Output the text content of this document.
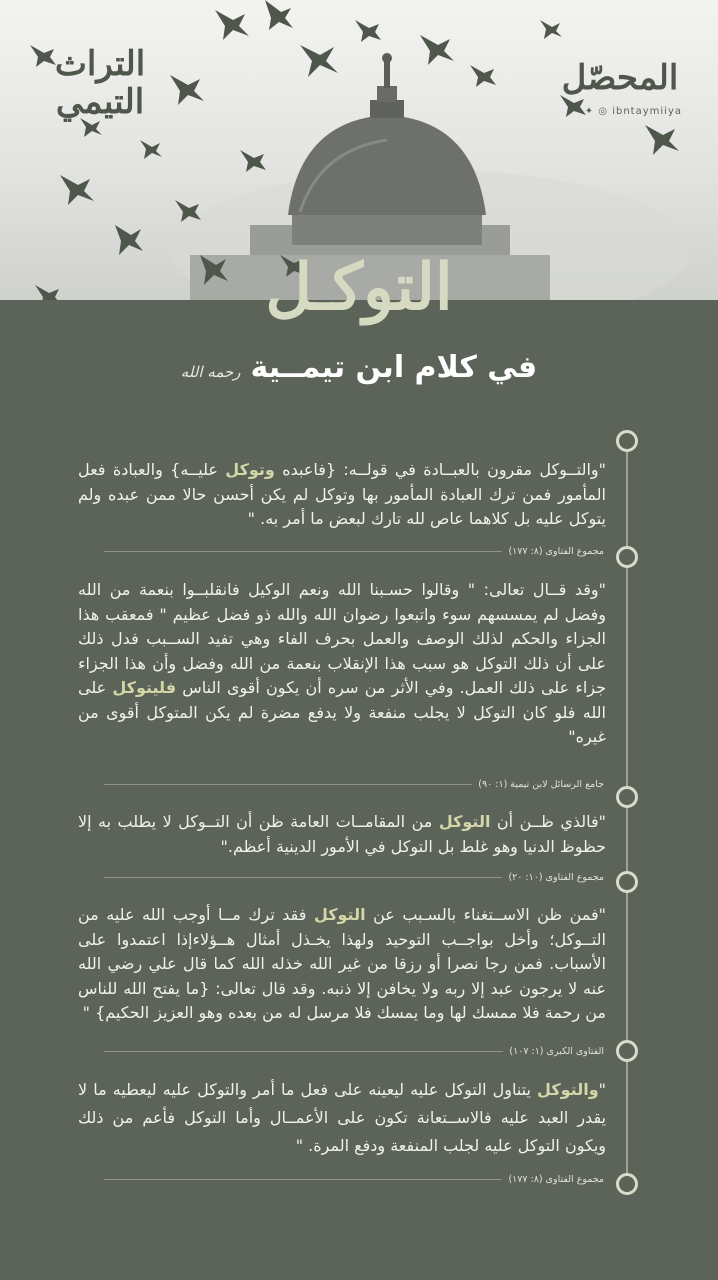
التراث
التيمي
المحصّل
✦ ◎ ibntaymiiya
التوكـل
في كلام ابن تيمــيةرحمه الله
"والتــوكل مقرون بالعبــادة في قولــه: {فاعبده وتوكل عليــه} والعبادة فعل المأمور فمن ترك العبادة المأمور بها وتوكل لم يكن أحسن حالا ممن عبده ولم يتوكل عليه بل كلاهما عاص لله تارك لبعض ما أمر به. "
مجموع الفتاوى (٨: ١٧٧)
"وقد قــال تعالى: " وقالوا حسـبنا الله ونعم الوكيل فانقلبــوا بنعمة من الله وفضل لم يمسسهم سوء واتبعوا رضوان الله والله ذو فضل عظيم " فمعقب هذا الجزاء والحكم لذلك الوصف والعمل بحرف الفاء وهي تفيد الســبب فدل ذلك على أن ذلك التوكل هو سبب هذا الإنقلاب بنعمة من الله وفضل وأن هذا الجزاء جزاء على ذلك العمل. وفي الأثر من سره أن يكون أقوى الناس فليتوكل على الله فلو كان التوكل لا يجلب منفعة ولا يدفع مضرة لم يكن المتوكل أقوى من غيره"
جامع الرسائل لابن تيمية (١: ٩٠)
"فالذي ظــن أن التوكل من المقامــات العامة ظن أن التــوكل لا يطلب به إلا حظوظ الدنيا وهو غلط بل التوكل في الأمور الدينية أعظم."
مجموع الفتاوى (١٠: ٢٠)
"فمن ظن الاســتغناء بالسـبب عن التوكل فقد ترك مــا أوجب الله عليه من التــوكل؛ وأخل بواجــب التوحيد ولهذا يخـذل أمثال هــؤلاءإذا اعتمدوا على الأسباب. فمن رجا نصرا أو رزقا من غير الله خذله الله كما قال علي رضي الله عنه لا يرجون عبد إلا ربه ولا يخافن إلا ذنبه. وقد قال تعالى: {ما يفتح الله للناس من رحمة فلا ممسك لها وما يمسك فلا مرسل له من بعده وهو العزيز الحكيم} "
الفتاوى الكبرى (١: ١٠٧)
"والتوكل يتناول التوكل عليه ليعينه على فعل ما أمر والتوكل عليه ليعطيه ما لا يقدر العبد عليه فالاســتعانة تكون على الأعمــال وأما التوكل فأعم من ذلك ويكون التوكل عليه لجلب المنفعة ودفع المرة. "
مجموع الفتاوى (٨: ١٧٧)
